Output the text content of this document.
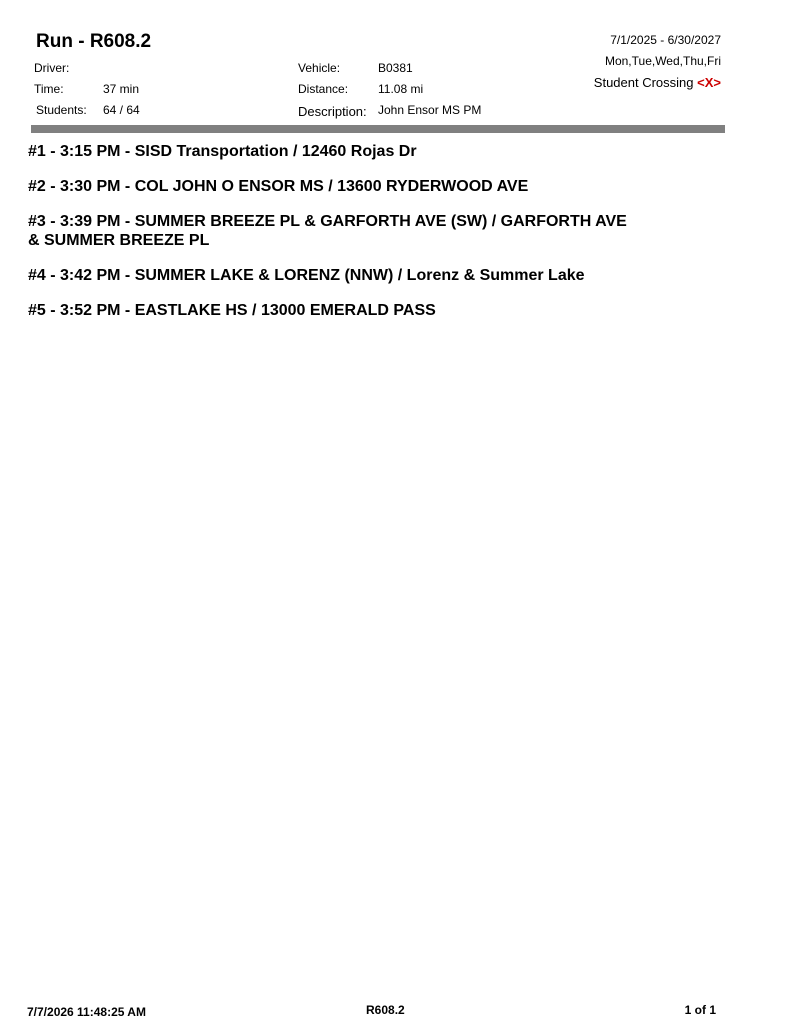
Run - R608.2	7/1/2025 - 6/30/2027
Mon,Tue,Wed,Thu,Fri
Student Crossing <X>
Driver:
Time:	37 min
Students: 64 / 64
Vehicle:	B0381
Distance: 11.08 mi
Description: John Ensor MS PM
#1 - 3:15 PM - SISD Transportation / 12460 Rojas Dr
#2 - 3:30 PM - COL JOHN O ENSOR MS / 13600 RYDERWOOD AVE
#3 - 3:39 PM - SUMMER BREEZE PL & GARFORTH AVE (SW) / GARFORTH AVE & SUMMER BREEZE PL
#4 - 3:42 PM - SUMMER LAKE & LORENZ (NNW) / Lorenz & Summer Lake
#5 - 3:52 PM - EASTLAKE HS / 13000 EMERALD PASS
7/7/2026 11:48:25 AM	R608.2	1 of 1
